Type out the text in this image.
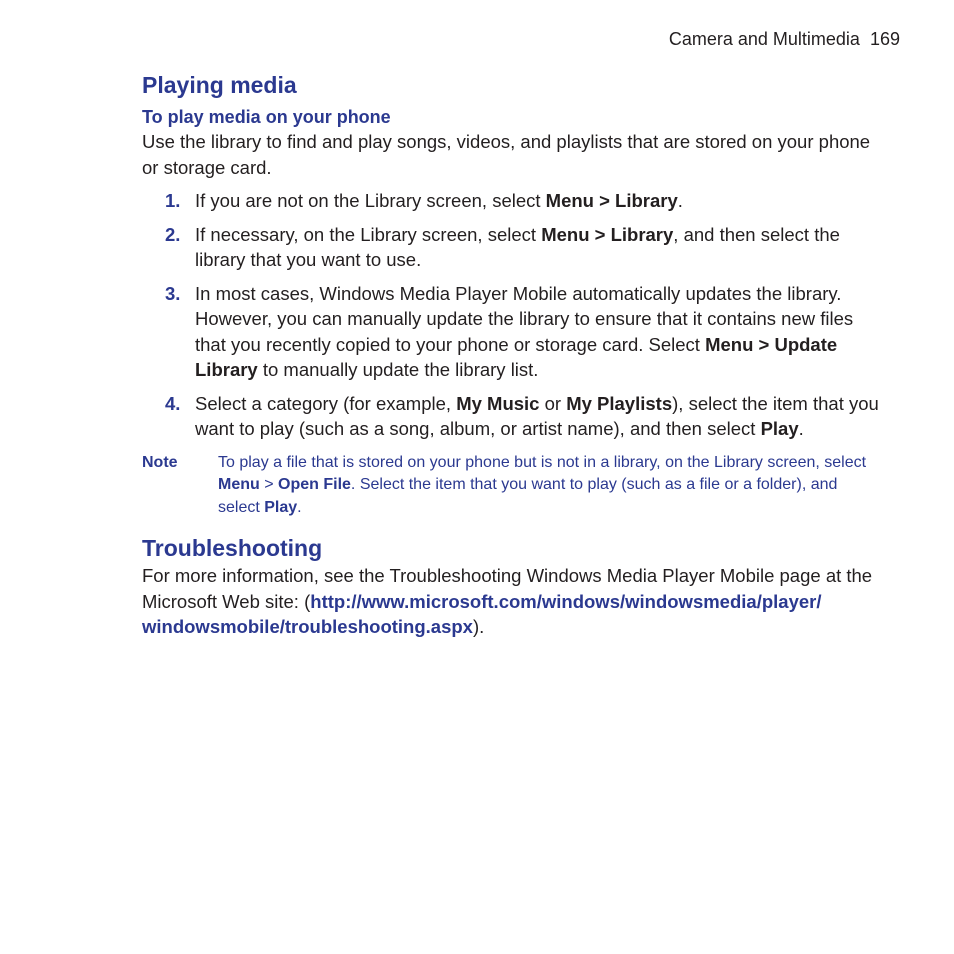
Camera and Multimedia 169
Playing media
To play media on your phone

Use the library to find and play songs, videos, and playlists that are stored on your phone or storage card.

1. If you are not on the Library screen, select Menu > Library.
2. If necessary, on the Library screen, select Menu > Library, and then select the library that you want to use.
3. In most cases, Windows Media Player Mobile automatically updates the library. However, you can manually update the library to ensure that it contains new files that you recently copied to your phone or storage card. Select Menu > Update Library to manually update the library list.
4. Select a category (for example, My Music or My Playlists), select the item that you want to play (such as a song, album, or artist name), and then select Play.
Note	To play a file that is stored on your phone but is not in a library, on the Library screen, select Menu > Open File. Select the item that you want to play (such as a file or a folder), and select Play.
Troubleshooting

For more information, see the Troubleshooting Windows Media Player Mobile page at the Microsoft Web site: (http://www.microsoft.com/windows/windowsmedia/player/windowsmobile/troubleshooting.aspx).
